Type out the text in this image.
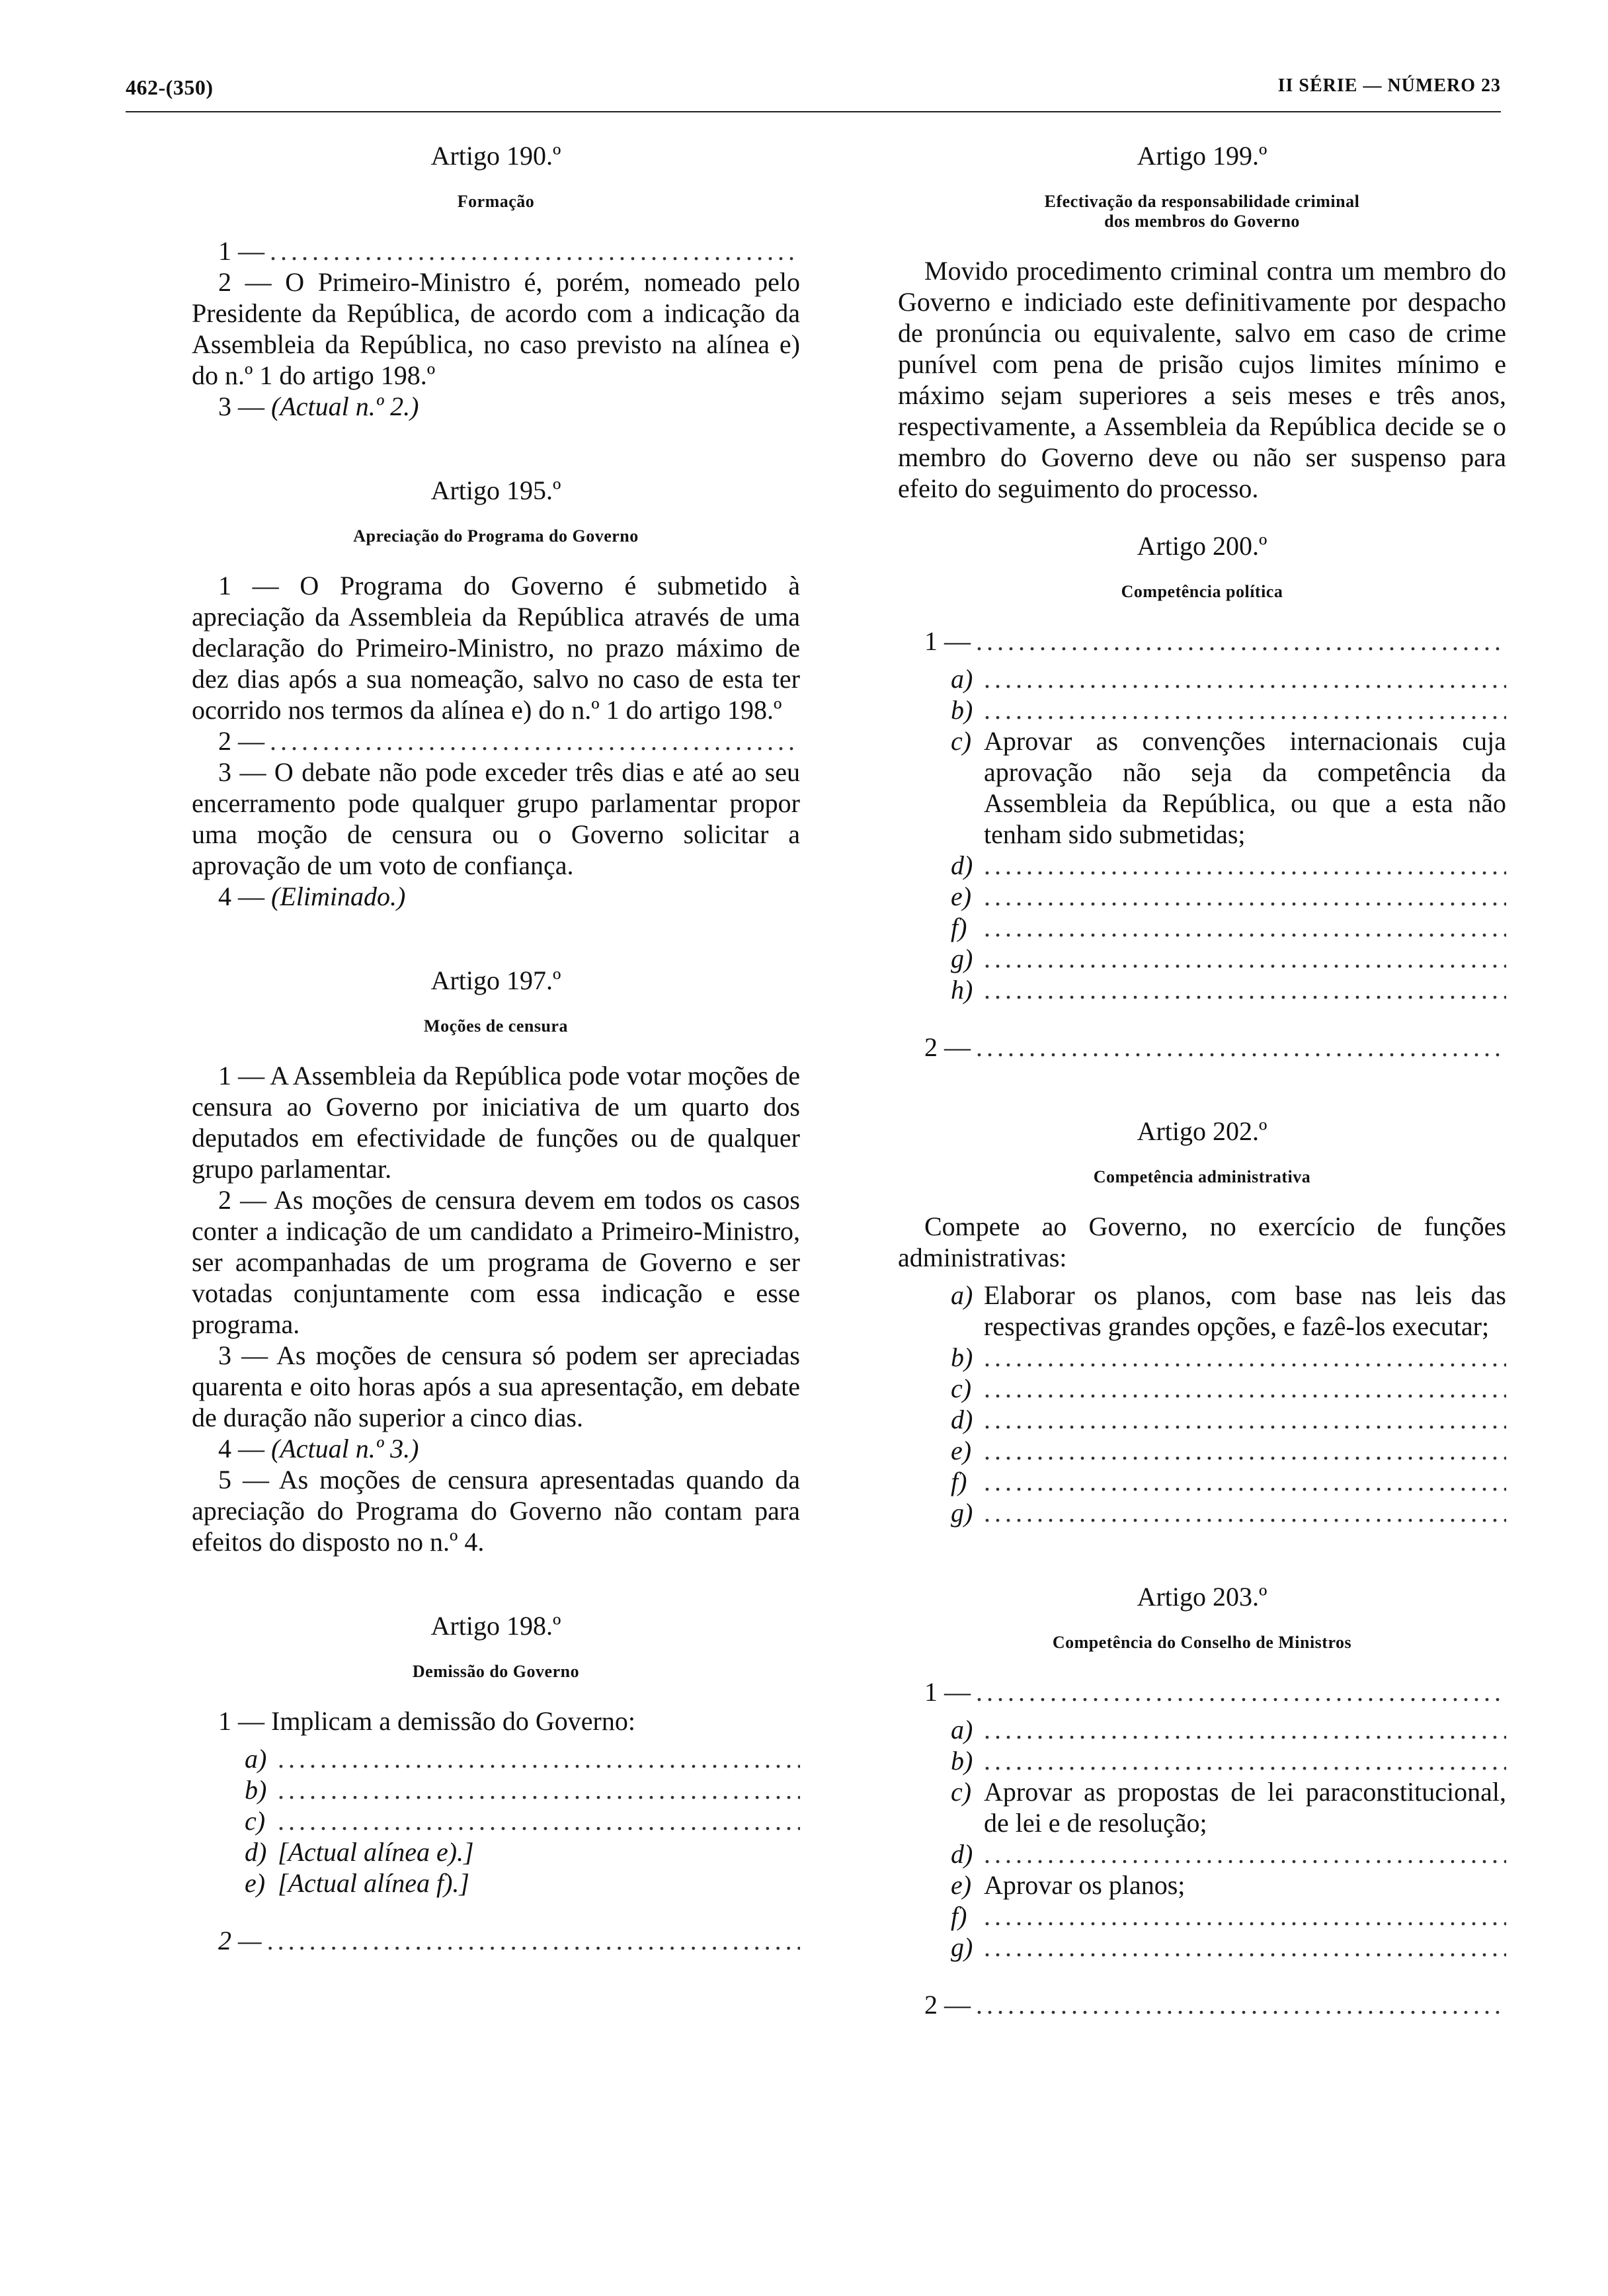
462-(350)	II SÉRIE — NÚMERO 23
Artigo 190.º
Formação
1 —
.....

2 — O Primeiro-Ministro é, porém, nomeado pelo Presidente da República, de acordo com a indicação da Assembleia da República, no caso previsto na alínea e) do n.º 1 do artigo 198.º

3 — (Actual n.º 2.)

Artigo 195.º
Apreciação do Programa do Governo

1 — O Programa do Governo é submetido à apreciação da Assembleia da República através de uma declaração do Primeiro-Ministro, no prazo máximo de dez dias após a sua nomeação, salvo no caso de esta ter ocorrido nos termos da alínea e) do n.º 1 do artigo 198.º

2 —
.....

3 — O debate não pode exceder três dias e até ao seu encerramento pode qualquer grupo parlamentar propor uma moção de censura ou o Governo solicitar a aprovação de um voto de confiança.

4 — (Eliminado.)

Artigo 197.º
Moções de censura

1 — A Assembleia da República pode votar moções de censura ao Governo por iniciativa de um quarto dos deputados em efectividade de funções ou de qualquer grupo parlamentar.

2 — As moções de censura devem em todos os casos conter a indicação de um candidato a Primeiro-Ministro, ser acompanhadas de um programa de Governo e ser votadas conjuntamente com essa indicação e esse programa.

3 — As moções de censura só podem ser apreciadas quarenta e oito horas após a sua apresentação, em debate de duração não superior a cinco dias.

4 — (Actual n.º 3.)

5 — As moções de censura apresentadas quando da apreciação do Programa do Governo não contam para efeitos do disposto no n.º 4.

Artigo 198.º
Demissão do Governo

1 — Implicam a demissão do Governo:

a)
.....
b)
.....
c)
.....
d) [Actual alínea e).]
e) [Actual alínea f).]
2 —
.....
Artigo 199.º
Efectivação da responsabilidade criminal
dos membros do Governo

Movido procedimento criminal contra um membro do Governo e indiciado este definitivamente por despacho de pronúncia ou equivalente, salvo em caso de crime punível com pena de prisão cujos limites mínimo e máximo sejam superiores a seis meses e três anos, respectivamente, a Assembleia da República decide se o membro do Governo deve ou não ser suspenso para efeito do seguimento do processo.

Artigo 200.º
Competência política
1 —
.....
a)
.....
b)
.....
c) Aprovar as convenções internacionais cuja aprovação não seja da competência da Assembleia da República, ou que a esta não tenham sido submetidas;
d)
.....
e)
.....
f)
.....
g)
.....
h)
.....
2 —
.....
Artigo 202.º
Competência administrativa

Compete ao Governo, no exercício de funções administrativas:

a) Elaborar os planos, com base nas leis das respectivas grandes opções, e fazê-los executar;
b)
.....
c)
.....
d)
.....
e)
.....
f)
.....
g)
.....
Artigo 203.º
Competência do Conselho de Ministros
1 —
.....
a)
.....
b)
.....
c) Aprovar as propostas de lei paraconstitucional, de lei e de resolução;
d)
.....
e) Aprovar os planos;
f)
.....
g)
.....
2 —
.....
